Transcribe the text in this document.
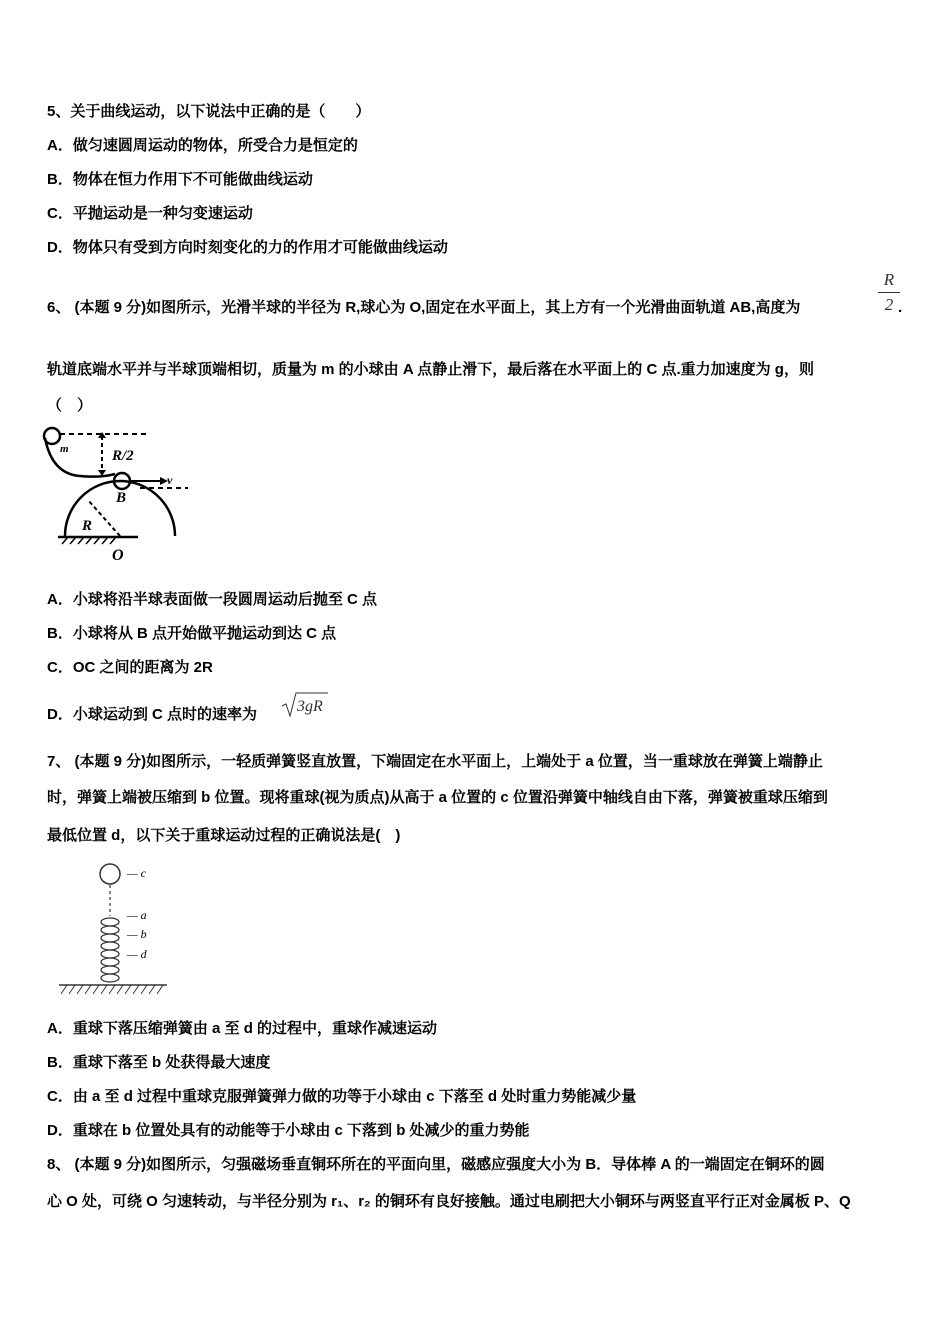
5、关于曲线运动，以下说法中正确的是（　　）
A．做匀速圆周运动的物体，所受合力是恒定的
B．物体在恒力作用下不可能做曲线运动
C．平抛运动是一种匀变速运动
D．物体只有受到方向时刻变化的力的作用才可能做曲线运动
6、 (本题 9 分)如图所示，光滑半球的半径为 R,球心为 O,固定在水平面上，其上方有一个光滑曲面轨道 AB,高度为
R
2 .
轨道底端水平并与半球顶端相切，质量为 m 的小球由 A 点静止滑下，最后落在水平面上的 C 点.重力加速度为 g，则
（　）
m	R/2
v
B
R
O
A．小球将沿半球表面做一段圆周运动后抛至 C 点
B．小球将从 B 点开始做平抛运动到达 C 点
C．OC 之间的距离为 2R
D．小球运动到 C 点时的速率为 3gR
7、 (本题 9 分)如图所示，一轻质弹簧竖直放置，下端固定在水平面上，上端处于 a 位置，当一重球放在弹簧上端静止
时，弹簧上端被压缩到 b 位置。现将重球(视为质点)从高于 a 位置的 c 位置沿弹簧中轴线自由下落，弹簧被重球压缩到
最低位置 d，以下关于重球运动过程的正确说法是(　)
— c
— a
— b
— d
A．重球下落压缩弹簧由 a 至 d 的过程中，重球作减速运动
B．重球下落至 b 处获得最大速度
C．由 a 至 d 过程中重球克服弹簧弹力做的功等于小球由 c 下落至 d 处时重力势能减少量
D．重球在 b 位置处具有的动能等于小球由 c 下落到 b 处减少的重力势能
8、 (本题 9 分)如图所示，匀强磁场垂直铜环所在的平面向里，磁感应强度大小为 B．导体棒 A 的一端固定在铜环的圆
心 O 处，可绕 O 匀速转动，与半径分别为 r₁、r₂ 的铜环有良好接触。通过电刷把大小铜环与两竖直平行正对金属板 P、Q
